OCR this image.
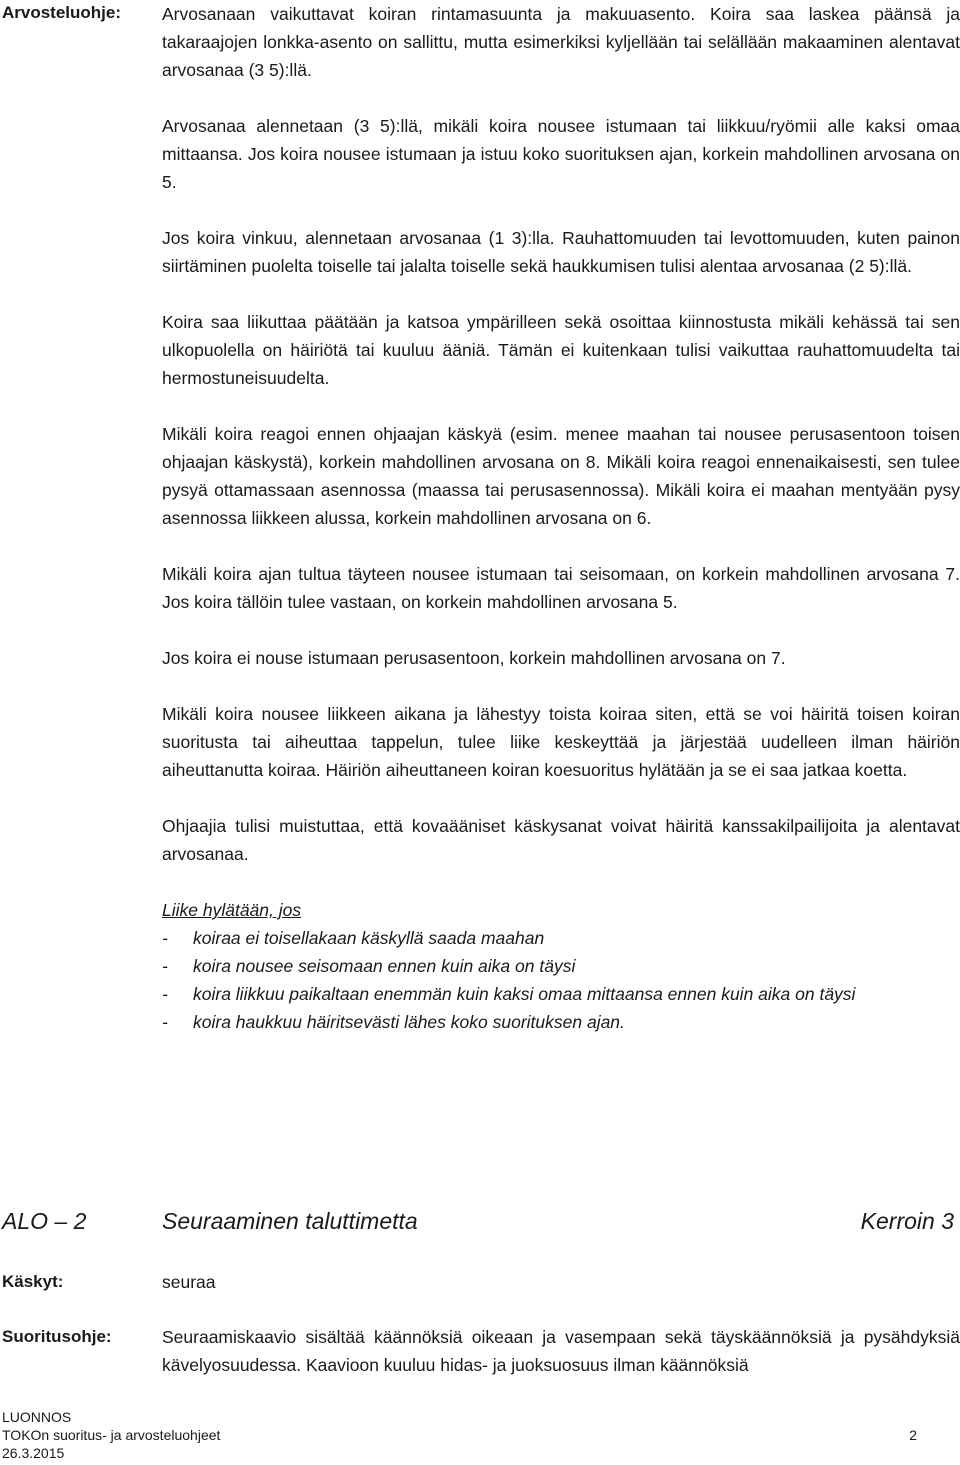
Arvosteluohje: Arvosanaan vaikuttavat koiran rintamasuunta ja makuuasento. Koira saa laskea päänsä ja takaraajojen lonkka-asento on sallittu, mutta esimerkiksi kyljellään tai selällään makaaminen alentavat arvosanaa (3 5):llä.

Arvosanaa alennetaan (3 5):llä, mikäli koira nousee istumaan tai liikkuu/ryömii alle kaksi omaa mittaansa. Jos koira nousee istumaan ja istuu koko suorituksen ajan, korkein mahdollinen arvosana on 5.

Jos koira vinkuu, alennetaan arvosanaa (1 3):lla. Rauhattomuuden tai levottomuuden, kuten painon siirtäminen puolelta toiselle tai jalalta toiselle sekä haukkumisen tulisi alentaa arvosanaa (2 5):llä.

Koira saa liikuttaa päätään ja katsoa ympärilleen sekä osoittaa kiinnostusta mikäli kehässä tai sen ulkopuolella on häiriötä tai kuuluu ääniä. Tämän ei kuitenkaan tulisi vaikuttaa rauhattomuudelta tai hermostuneisuudelta.

Mikäli koira reagoi ennen ohjaajan käskyä (esim. menee maahan tai nousee perusasentoon toisen ohjaajan käskystä), korkein mahdollinen arvosana on 8. Mikäli koira reagoi ennenaikaisesti, sen tulee pysyä ottamassaan asennossa (maassa tai perusasennossa). Mikäli koira ei maahan mentyään pysy asennossa liikkeen alussa, korkein mahdollinen arvosana on 6.

Mikäli koira ajan tultua täyteen nousee istumaan tai seisomaan, on korkein mahdollinen arvosana 7. Jos koira tällöin tulee vastaan, on korkein mahdollinen arvosana 5.

Jos koira ei nouse istumaan perusasentoon, korkein mahdollinen arvosana on 7.

Mikäli koira nousee liikkeen aikana ja lähestyy toista koiraa siten, että se voi häiritä toisen koiran suoritusta tai aiheuttaa tappelun, tulee liike keskeyttää ja järjestää uudelleen ilman häiriön aiheuttanutta koiraa. Häiriön aiheuttaneen koiran koesuoritus hylätään ja se ei saa jatkaa koetta.

Ohjaajia tulisi muistuttaa, että kovaääniset käskysanat voivat häiritä kanssakilpailijoita ja alentavat arvosanaa.

Liike hylätään, jos

-	koiraa ei toisellakaan käskyllä saada maahan
-	koira nousee seisomaan ennen kuin aika on täysi
-	koira liikkuu paikaltaan enemmän kuin kaksi omaa mittaansa ennen kuin aika on täysi
-	koira haukkuu häiritsevästi lähes koko suorituksen ajan.
ALO – 2	Seuraaminen taluttimetta	Kerroin 3
Käskyt:	seuraa
Suoritusohje:	Seuraamiskaavio sisältää käännöksiä oikeaan ja vasempaan sekä täyskäännöksiä ja pysähdyksiä kävelyosuudessa. Kaavioon kuuluu hidas- ja juoksuosuus ilman käännöksiä

LUONNOS
TOKOn suoritus- ja arvosteluohjeet
26.3.2015
2
